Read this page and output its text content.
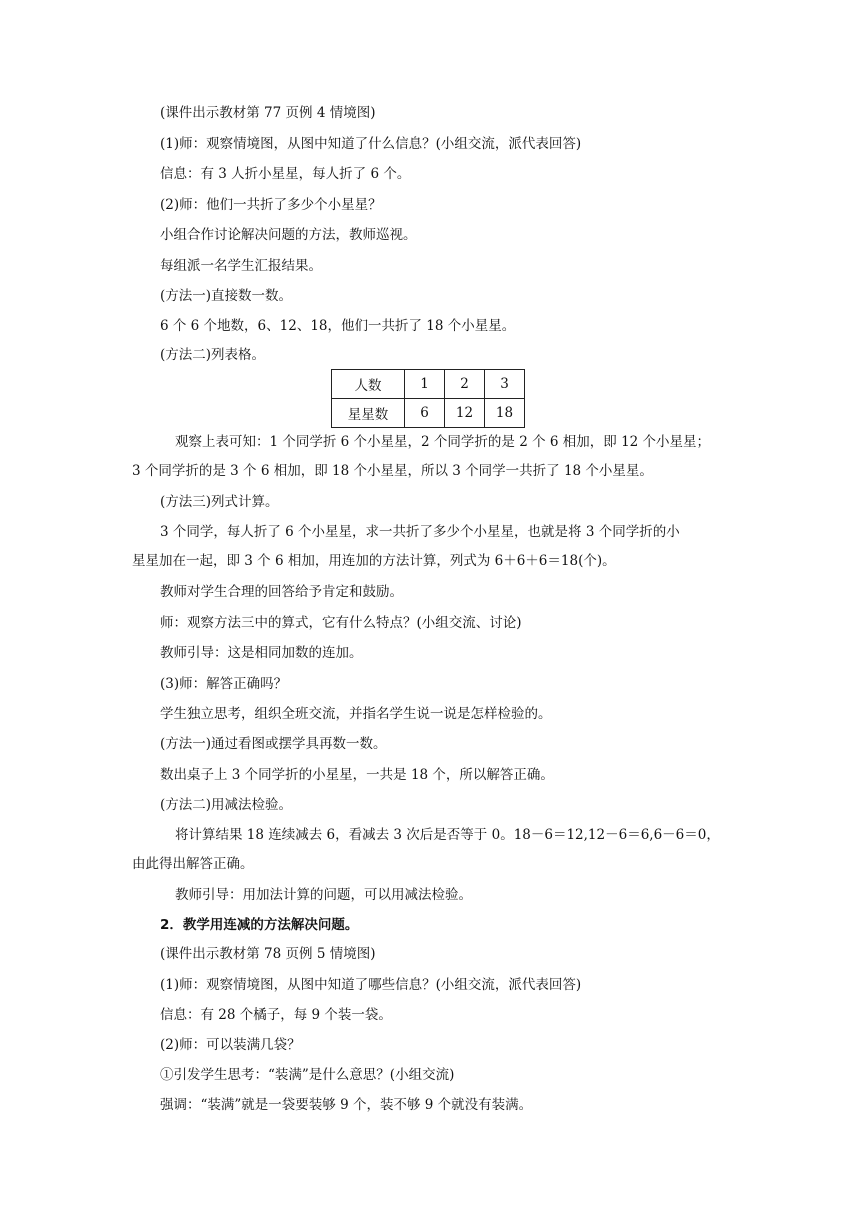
(课件出示教材第 77 页例 4 情境图)
(1)师：观察情境图，从图中知道了什么信息？(小组交流，派代表回答)
信息：有 3 人折小星星，每人折了 6 个。
(2)师：他们一共折了多少个小星星？
小组合作讨论解决问题的方法，教师巡视。
每组派一名学生汇报结果。
(方法一)直接数一数。
6 个 6 个地数，6、12、18，他们一共折了 18 个小星星。
(方法二)列表格。
人数	1	2	3
星星数	6	12	18
观察上表可知：1 个同学折 6 个小星星，2 个同学折的是 2 个 6 相加，即 12 个小星星；
3 个同学折的是 3 个 6 相加，即 18 个小星星，所以 3 个同学一共折了 18 个小星星。
(方法三)列式计算。
3 个同学，每人折了 6 个小星星，求一共折了多少个小星星，也就是将 3 个同学折的小
星星加在一起，即 3 个 6 相加，用连加的方法计算，列式为 6＋6＋6＝18(个)。
教师对学生合理的回答给予肯定和鼓励。
师：观察方法三中的算式，它有什么特点？(小组交流、讨论)
教师引导：这是相同加数的连加。
(3)师：解答正确吗？
学生独立思考，组织全班交流，并指名学生说一说是怎样检验的。
(方法一)通过看图或摆学具再数一数。
数出桌子上 3 个同学折的小星星，一共是 18 个，所以解答正确。
(方法二)用减法检验。
将计算结果 18 连续减去 6，看减去 3 次后是否等于 0。18－6＝12,12－6＝6,6－6＝0，
由此得出解答正确。
教师引导：用加法计算的问题，可以用减法检验。
2．教学用连减的方法解决问题。
(课件出示教材第 78 页例 5 情境图)
(1)师：观察情境图，从图中知道了哪些信息？(小组交流，派代表回答)
信息：有 28 个橘子，每 9 个装一袋。
(2)师：可以装满几袋？
①引发学生思考：“装满”是什么意思？(小组交流)
强调：“装满”就是一袋要装够 9 个，装不够 9 个就没有装满。
